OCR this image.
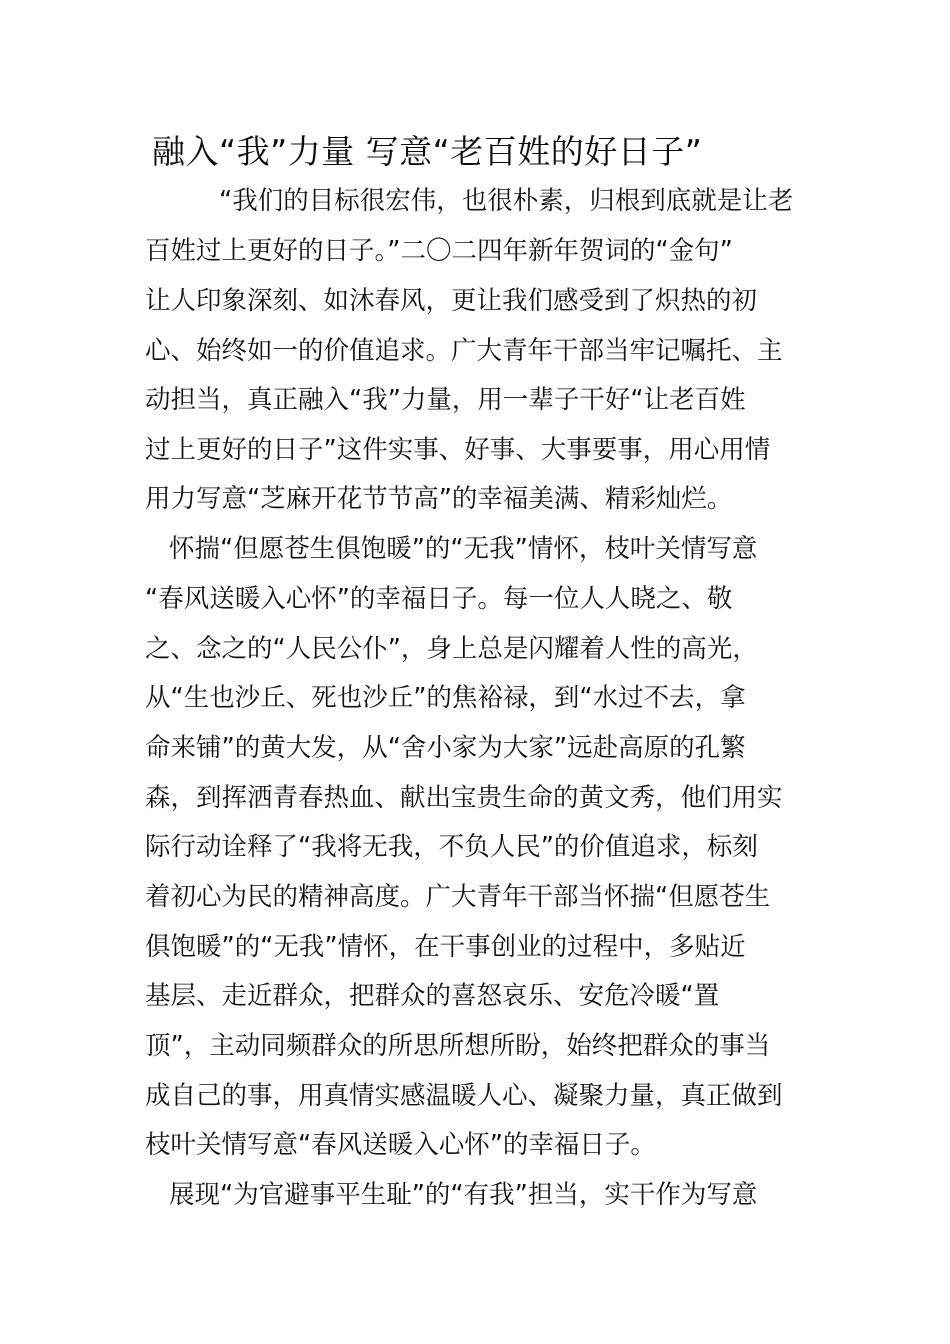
融入“我”力量 写意“老百姓的好日子”
“我们的目标很宏伟，也很朴素，归根到底就是让老
百姓过上更好的日子。”二〇二四年新年贺词的“金句”
让人印象深刻、如沐春风，更让我们感受到了炽热的初
心、始终如一的价值追求。广大青年干部当牢记嘱托、主
动担当，真正融入“我”力量，用一辈子干好“让老百姓
过上更好的日子”这件实事、好事、大事要事，用心用情
用力写意“芝麻开花节节高”的幸福美满、精彩灿烂。
怀揣“但愿苍生俱饱暖”的“无我”情怀，枝叶关情写意
“春风送暖入心怀”的幸福日子。每一位人人晓之、敬
之、念之的“人民公仆”，身上总是闪耀着人性的高光，
从“生也沙丘、死也沙丘”的焦裕禄，到“水过不去，拿
命来铺”的黄大发，从“舍小家为大家”远赴高原的孔繁
森，到挥洒青春热血、献出宝贵生命的黄文秀，他们用实
际行动诠释了“我将无我，不负人民”的价值追求，标刻
着初心为民的精神高度。广大青年干部当怀揣“但愿苍生
俱饱暖”的“无我”情怀，在干事创业的过程中，多贴近
基层、走近群众，把群众的喜怒哀乐、安危冷暖“置
顶”，主动同频群众的所思所想所盼，始终把群众的事当
成自己的事，用真情实感温暖人心、凝聚力量，真正做到
枝叶关情写意“春风送暖入心怀”的幸福日子。
展现“为官避事平生耻”的“有我”担当，实干作为写意
